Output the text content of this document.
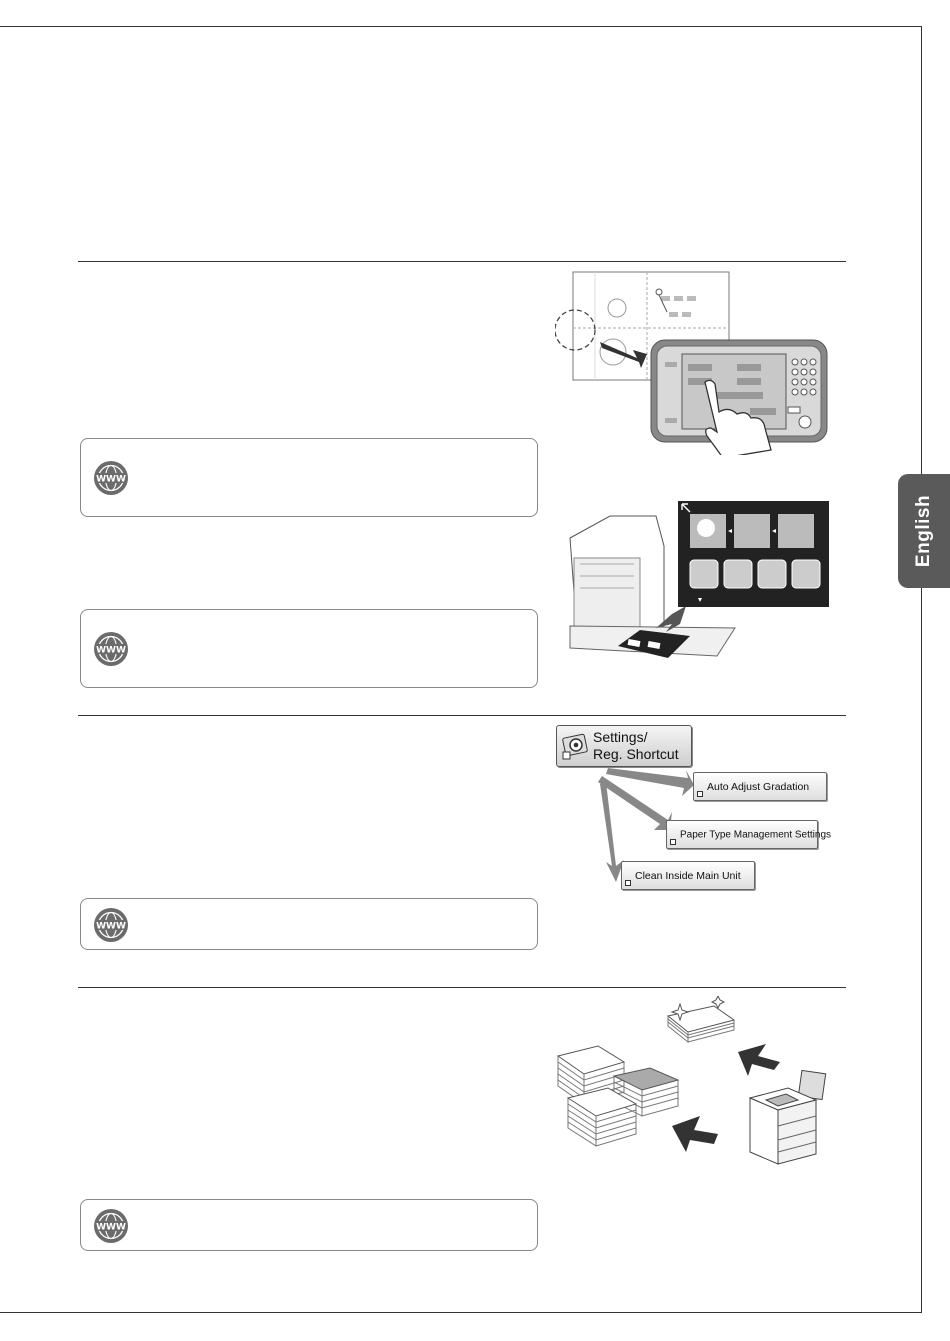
English
WWW
WWW
WWW
WWW
Settings/
Reg. Shortcut
Auto Adjust Gradation
Paper Type Management Settings
Clean Inside Main Unit
